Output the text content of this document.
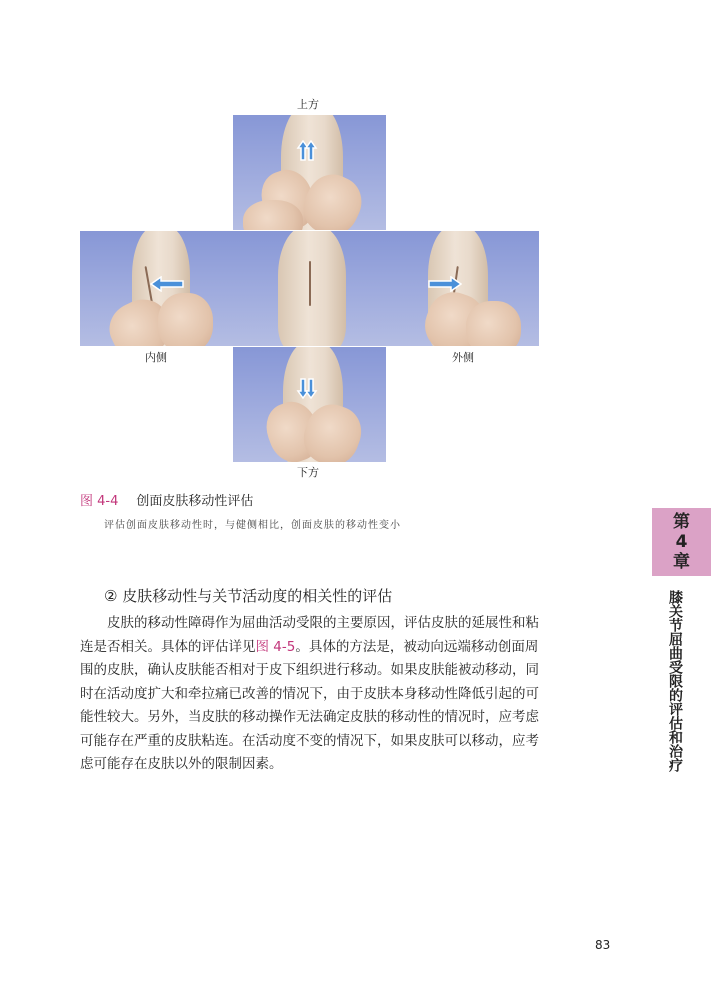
上方
内侧	外侧
下方
图 4-4 创面皮肤移动性评估
评估创面皮肤移动性时，与健侧相比，创面皮肤的移动性变小
② 皮肤移动性与关节活动度的相关性的评估

皮肤的移动性障碍作为屈曲活动受限的主要原因，评估皮肤的延展性和粘连是否相关。具体的评估详见图 4-5。具体的方法是，被动向远端移动创面周围的皮肤，确认皮肤能否相对于皮下组织进行移动。如果皮肤能被动移动，同时在活动度扩大和牵拉痛已改善的情况下，由于皮肤本身移动性降低引起的可能性较大。另外，当皮肤的移动操作无法确定皮肤的移动性的情况时，应考虑可能存在严重的皮肤粘连。在活动度不变的情况下，如果皮肤可以移动，应考虑可能存在皮肤以外的限制因素。

第
4
章
膝关节屈曲受限的评估和治疗
83
